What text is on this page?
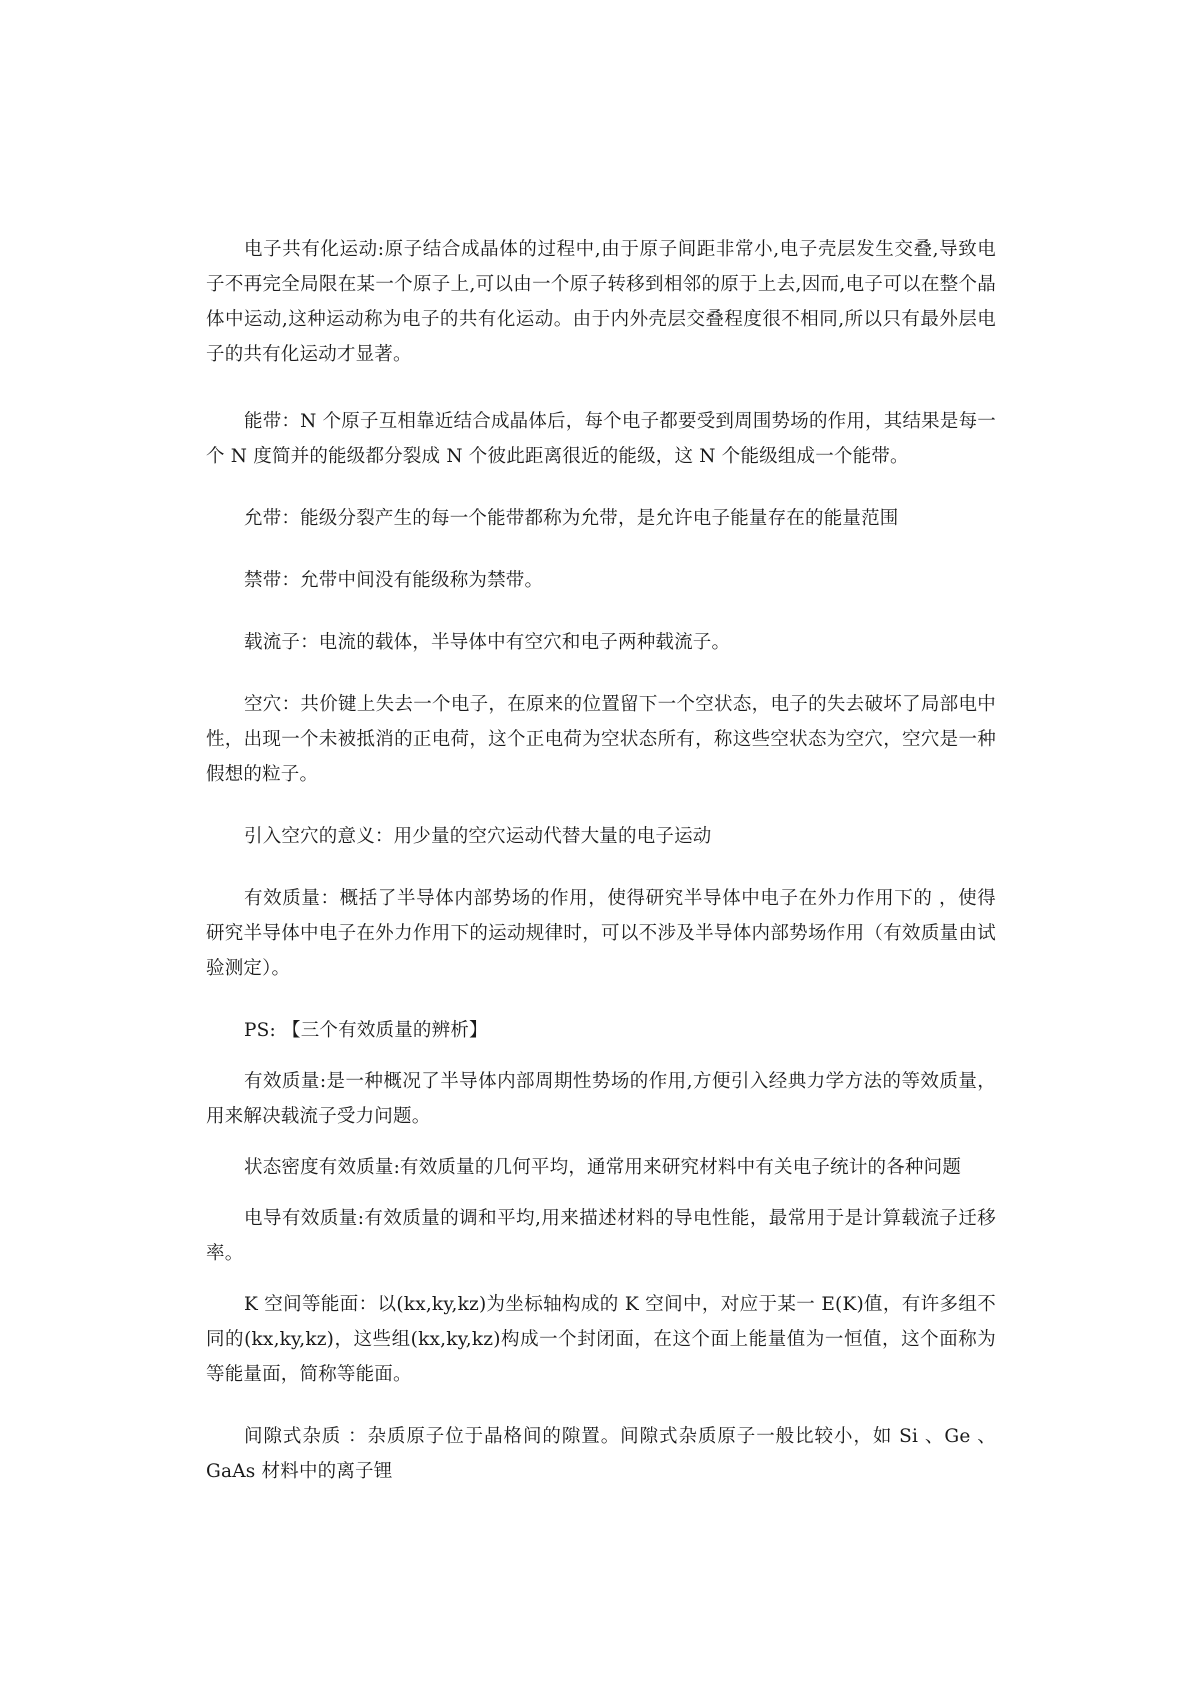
电子共有化运动:原子结合成晶体的过程中,由于原子间距非常小,电子壳层发生交叠,导致电子不再完全局限在某一个原子上,可以由一个原子转移到相邻的原于上去,因而,电子可以在整个晶体中运动,这种运动称为电子的共有化运动。由于内外壳层交叠程度很不相同,所以只有最外层电子的共有化运动才显著。

能带：N 个原子互相靠近结合成晶体后，每个电子都要受到周围势场的作用，其结果是每一个 N 度简并的能级都分裂成 N 个彼此距离很近的能级，这 N 个能级组成一个能带。

允带：能级分裂产生的每一个能带都称为允带，是允许电子能量存在的能量范围

禁带：允带中间没有能级称为禁带。

载流子：电流的载体，半导体中有空穴和电子两种载流子。

空穴：共价键上失去一个电子，在原来的位置留下一个空状态，电子的失去破坏了局部电中性，出现一个未被抵消的正电荷，这个正电荷为空状态所有，称这些空状态为空穴，空穴是一种假想的粒子。

引入空穴的意义：用少量的空穴运动代替大量的电子运动

有效质量：概括了半导体内部势场的作用，使得研究半导体中电子在外力作用下的 ，使得研究半导体中电子在外力作用下的运动规律时，可以不涉及半导体内部势场作用（有效质量由试验测定）。

PS: 【三个有效质量的辨析】

有效质量:是一种概况了半导体内部周期性势场的作用,方便引入经典力学方法的等效质量，用来解决载流子受力问题。

状态密度有效质量:有效质量的几何平均，通常用来研究材料中有关电子统计的各种问题

电导有效质量:有效质量的调和平均,用来描述材料的导电性能，最常用于是计算载流子迁移率。

K 空间等能面：以(kx,ky,kz)为坐标轴构成的 K 空间中，对应于某一 E(K)值，有许多组不同的(kx,ky,kz)，这些组(kx,ky,kz)构成一个封闭面，在这个面上能量值为一恒值，这个面称为等能量面，简称等能面。

间隙式杂质 ：杂质原子位于晶格间的隙置。间隙式杂质原子一般比较小，如 Si 、Ge 、GaAs 材料中的离子锂
